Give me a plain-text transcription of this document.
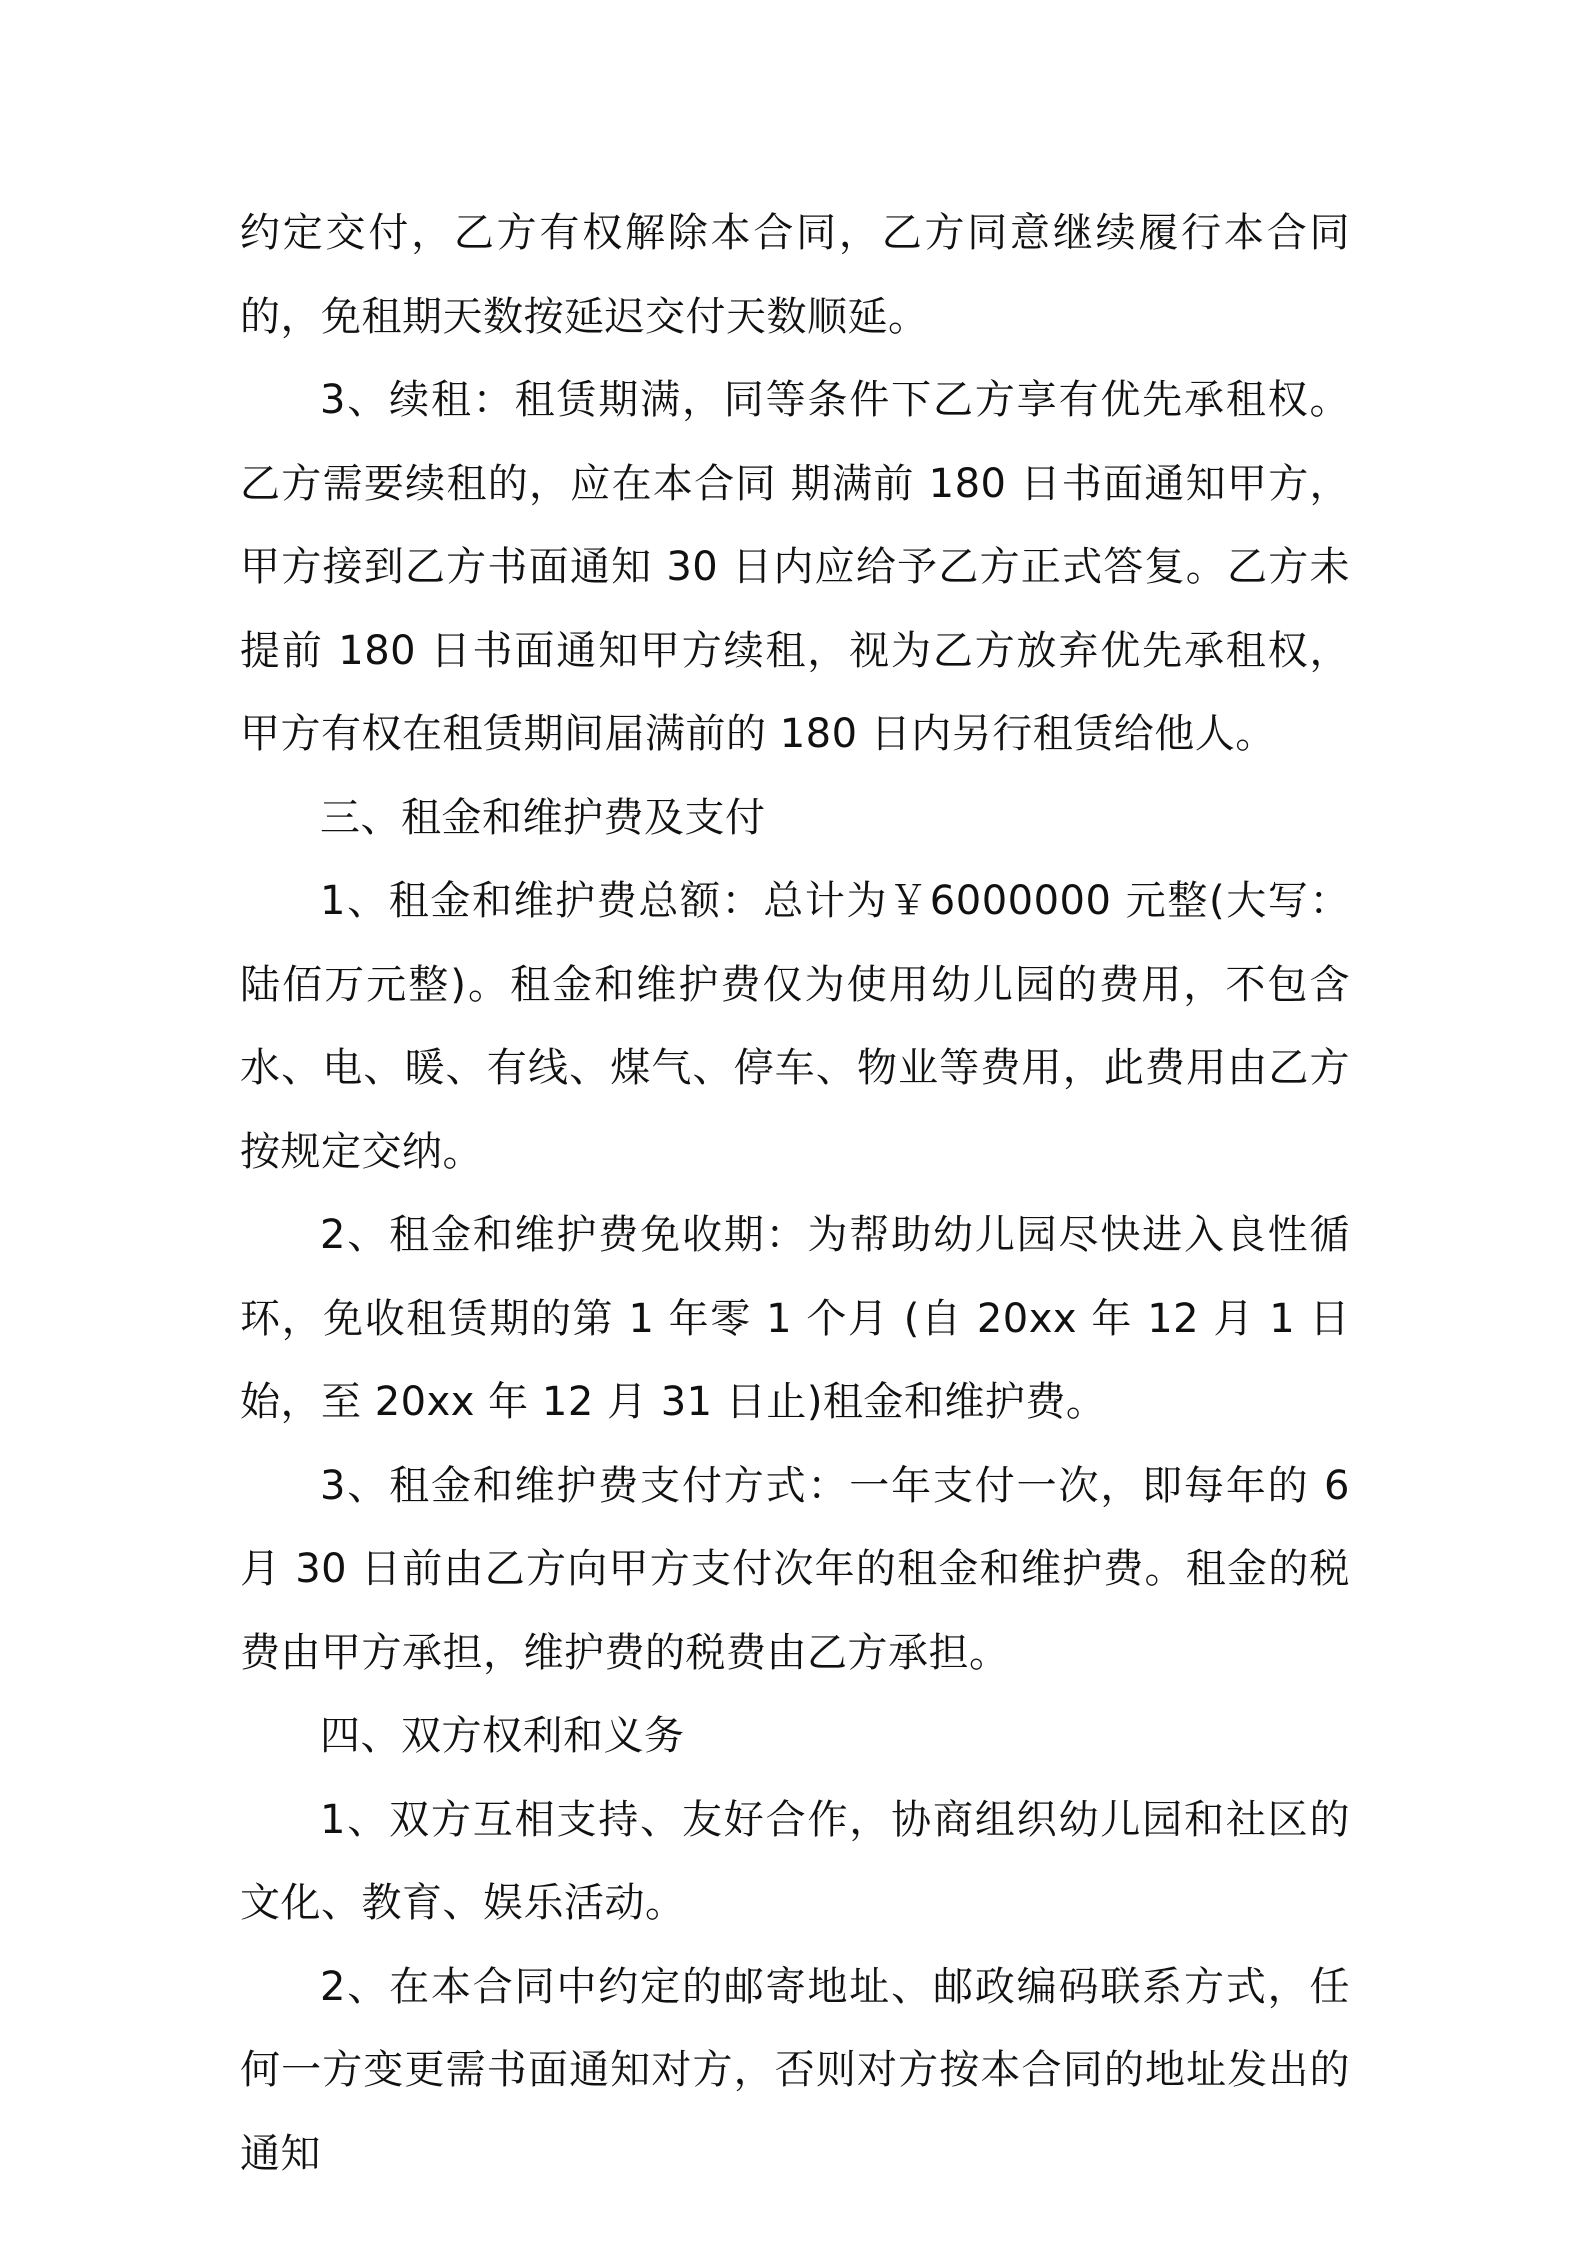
约定交付，乙方有权解除本合同，乙方同意继续履行本合同的，免租期天数按延迟交付天数顺延。

3、续租：租赁期满，同等条件下乙方享有优先承租权。乙方需要续租的，应在本合同 期满前 180 日书面通知甲方，甲方接到乙方书面通知 30 日内应给予乙方正式答复。乙方未 提前 180 日书面通知甲方续租，视为乙方放弃优先承租权，甲方有权在租赁期间届满前的 180 日内另行租赁给他人。

三、租金和维护费及支付

1、租金和维护费总额：总计为￥6000000 元整(大写：陆佰万元整)。租金和维护费仅为使用幼儿园的费用，不包含水、电、暖、有线、煤气、停车、物业等费用，此费用由乙方按规定交纳。

2、租金和维护费免收期：为帮助幼儿园尽快进入良性循环，免收租赁期的第 1 年零 1 个月 (自 20xx 年 12 月 1 日始，至 20xx 年 12 月 31 日止)租金和维护费。

3、租金和维护费支付方式：一年支付一次，即每年的 6 月 30 日前由乙方向甲方支付次年的租金和维护费。租金的税费由甲方承担，维护费的税费由乙方承担。

四、双方权利和义务

1、双方互相支持、友好合作，协商组织幼儿园和社区的文化、教育、娱乐活动。

2、在本合同中约定的邮寄地址、邮政编码联系方式，任何一方变更需书面通知对方，否则对方按本合同的地址发出的通知
